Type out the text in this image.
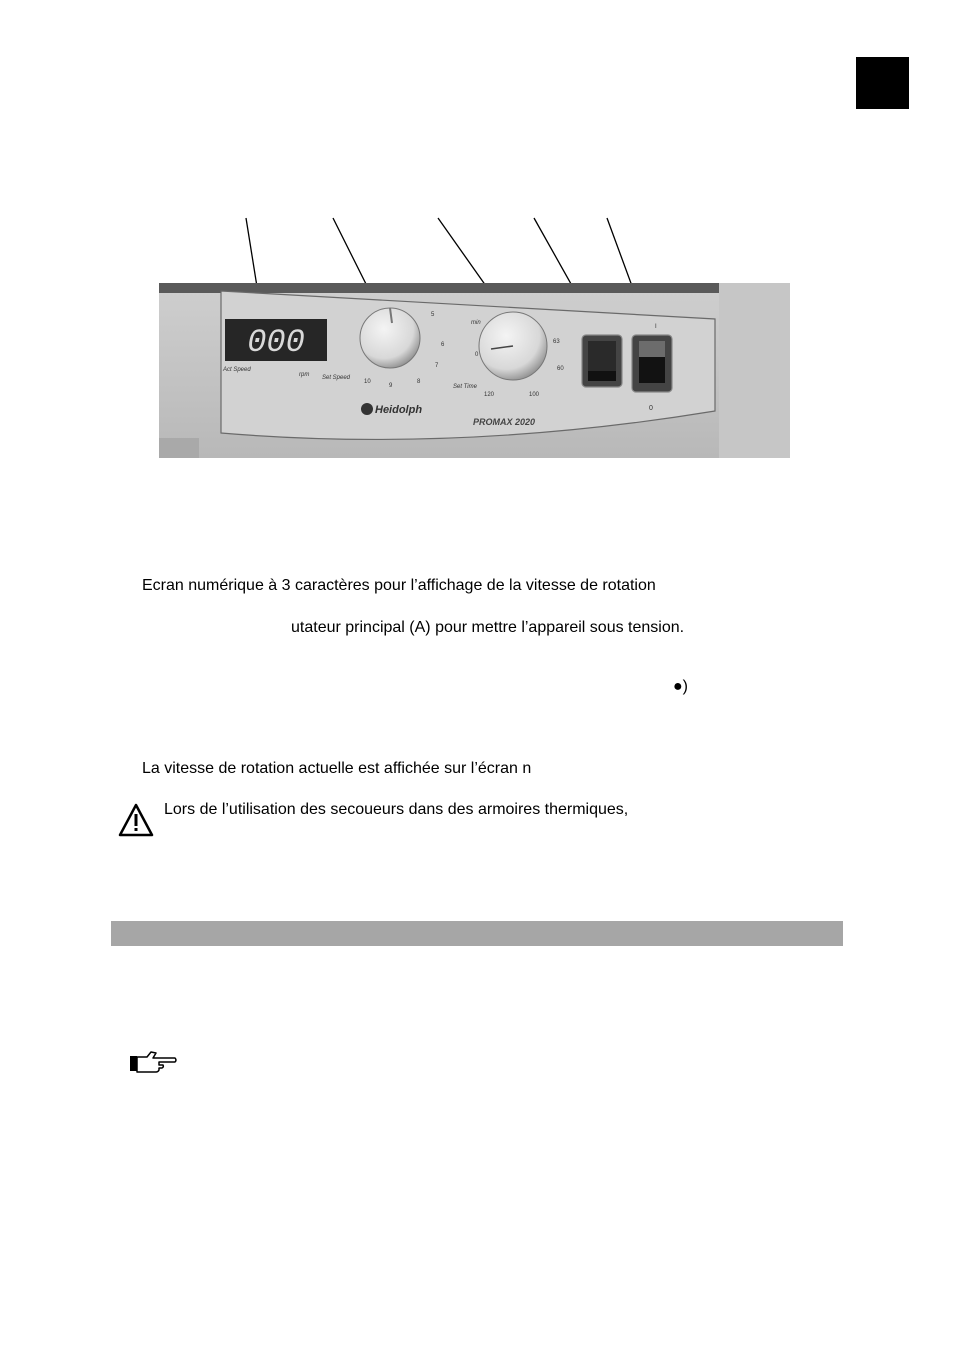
000
Act Speed
rpm Set Speed
5
6
7
8
9
10
min
0
60
100
120
63
Set Time
I
0
Heidolph
PROMAX 2020
Ecran numérique à 3 caractères pour l’affichage de la vitesse de rotation
utateur principal (A) pour mettre l’appareil sous tension.
●)
La vitesse de rotation actuelle est affichée sur l’écran n
Lors de l’utilisation des secoueurs dans des armoires thermiques,
